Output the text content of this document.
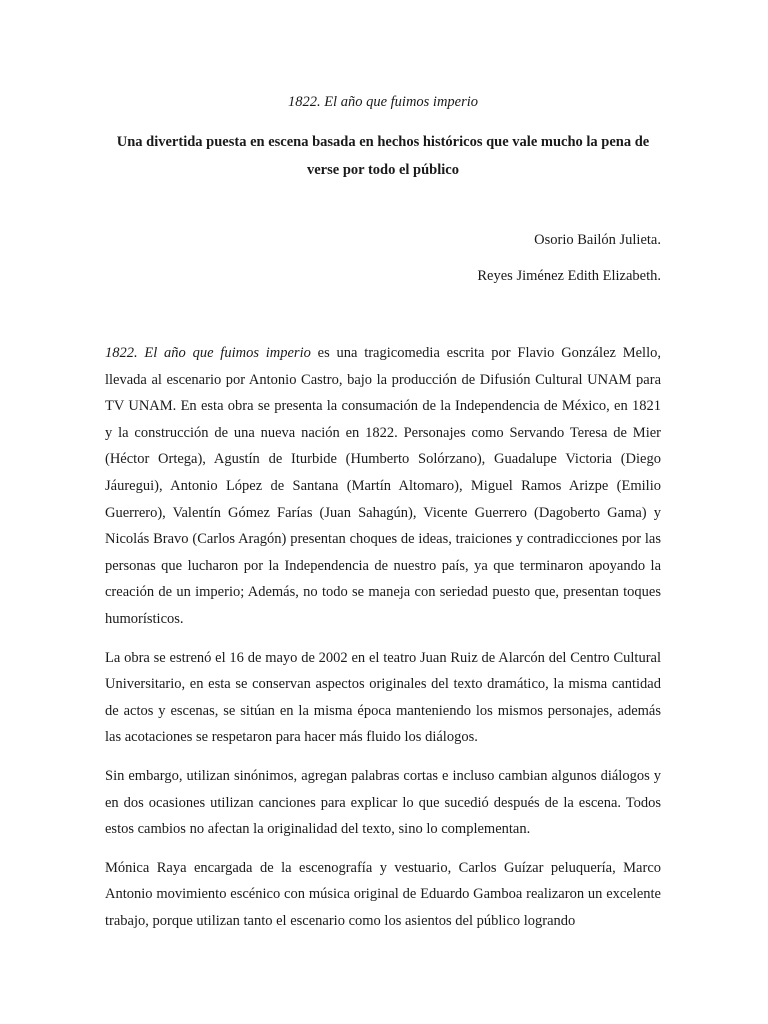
1822. El año que fuimos imperio
Una divertida puesta en escena basada en hechos históricos que vale mucho la pena de verse por todo el público

Osorio Bailón Julieta.

Reyes Jiménez Edith Elizabeth.

1822. El año que fuimos imperio es una tragicomedia escrita por Flavio González Mello, llevada al escenario por Antonio Castro, bajo la producción de Difusión Cultural UNAM para TV UNAM. En esta obra se presenta la consumación de la Independencia de México, en 1821 y la construcción de una nueva nación en 1822. Personajes como Servando Teresa de Mier (Héctor Ortega), Agustín de Iturbide (Humberto Solórzano), Guadalupe Victoria (Diego Jáuregui), Antonio López de Santana (Martín Altomaro), Miguel Ramos Arizpe (Emilio Guerrero), Valentín Gómez Farías (Juan Sahagún), Vicente Guerrero (Dagoberto Gama) y Nicolás Bravo (Carlos Aragón) presentan choques de ideas, traiciones y contradicciones por las personas que lucharon por la Independencia de nuestro país, ya que terminaron apoyando la creación de un imperio; Además, no todo se maneja con seriedad puesto que, presentan toques humorísticos.

La obra se estrenó el 16 de mayo de 2002 en el teatro Juan Ruiz de Alarcón del Centro Cultural Universitario, en esta se conservan aspectos originales del texto dramático, la misma cantidad de actos y escenas, se sitúan en la misma época manteniendo los mismos personajes, además las acotaciones se respetaron para hacer más fluido los diálogos.

Sin embargo, utilizan sinónimos, agregan palabras cortas e incluso cambian algunos diálogos y en dos ocasiones utilizan canciones para explicar lo que sucedió después de la escena. Todos estos cambios no afectan la originalidad del texto, sino lo complementan.

Mónica Raya encargada de la escenografía y vestuario, Carlos Guízar peluquería, Marco Antonio movimiento escénico con música original de Eduardo Gamboa realizaron un excelente trabajo, porque utilizan tanto el escenario como los asientos del público logrando
